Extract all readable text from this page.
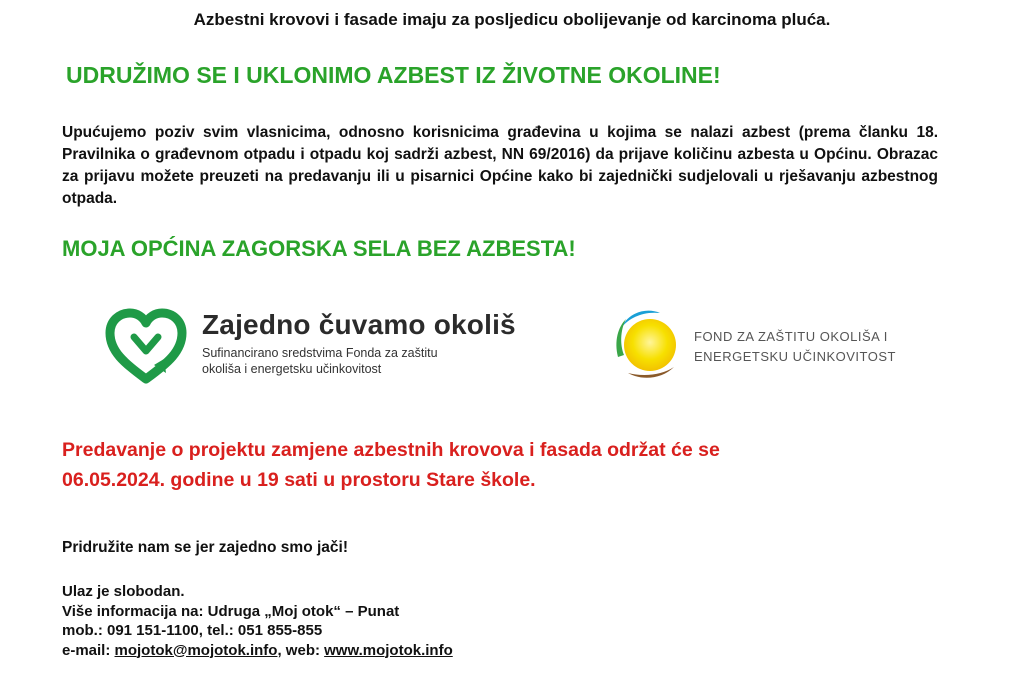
Azbestni krovovi i fasade imaju za posljedicu obolijevanje od karcinoma pluća.
UDRUŽIMO SE I UKLONIMO AZBEST IZ ŽIVOTNE OKOLINE!
Upućujemo poziv svim vlasnicima, odnosno korisnicima građevina u kojima se nalazi azbest (prema članku 18. Pravilnika o građevnom otpadu i otpadu koj sadrži azbest, NN 69/2016) da prijave količinu azbesta u Općinu. Obrazac za prijavu možete preuzeti na predavanju ili u pisarnici Općine kako bi zajednički sudjelovali u rješavanju azbestnog otpada.
MOJA OPĆINA ZAGORSKA SELA BEZ AZBESTA!
Zajedno čuvamo okoliš
Sufinancirano sredstvima Fonda za zaštitu
okoliša i energetsku učinkovitost
FOND ZA ZAŠTITU OKOLIŠA I
ENERGETSKU UČINKOVITOST
Predavanje o projektu zamjene azbestnih krovova i fasada održat će se
06.05.2024. godine u 19 sati u prostoru Stare škole.
Pridružite nam se jer zajedno smo jači!
Ulaz je slobodan.
Više informacija na: Udruga „Moj otok“ – Punat
mob.: 091 151-1100, tel.: 051 855-855
e-mail: mojotok@mojotok.info, web: www.mojotok.info
